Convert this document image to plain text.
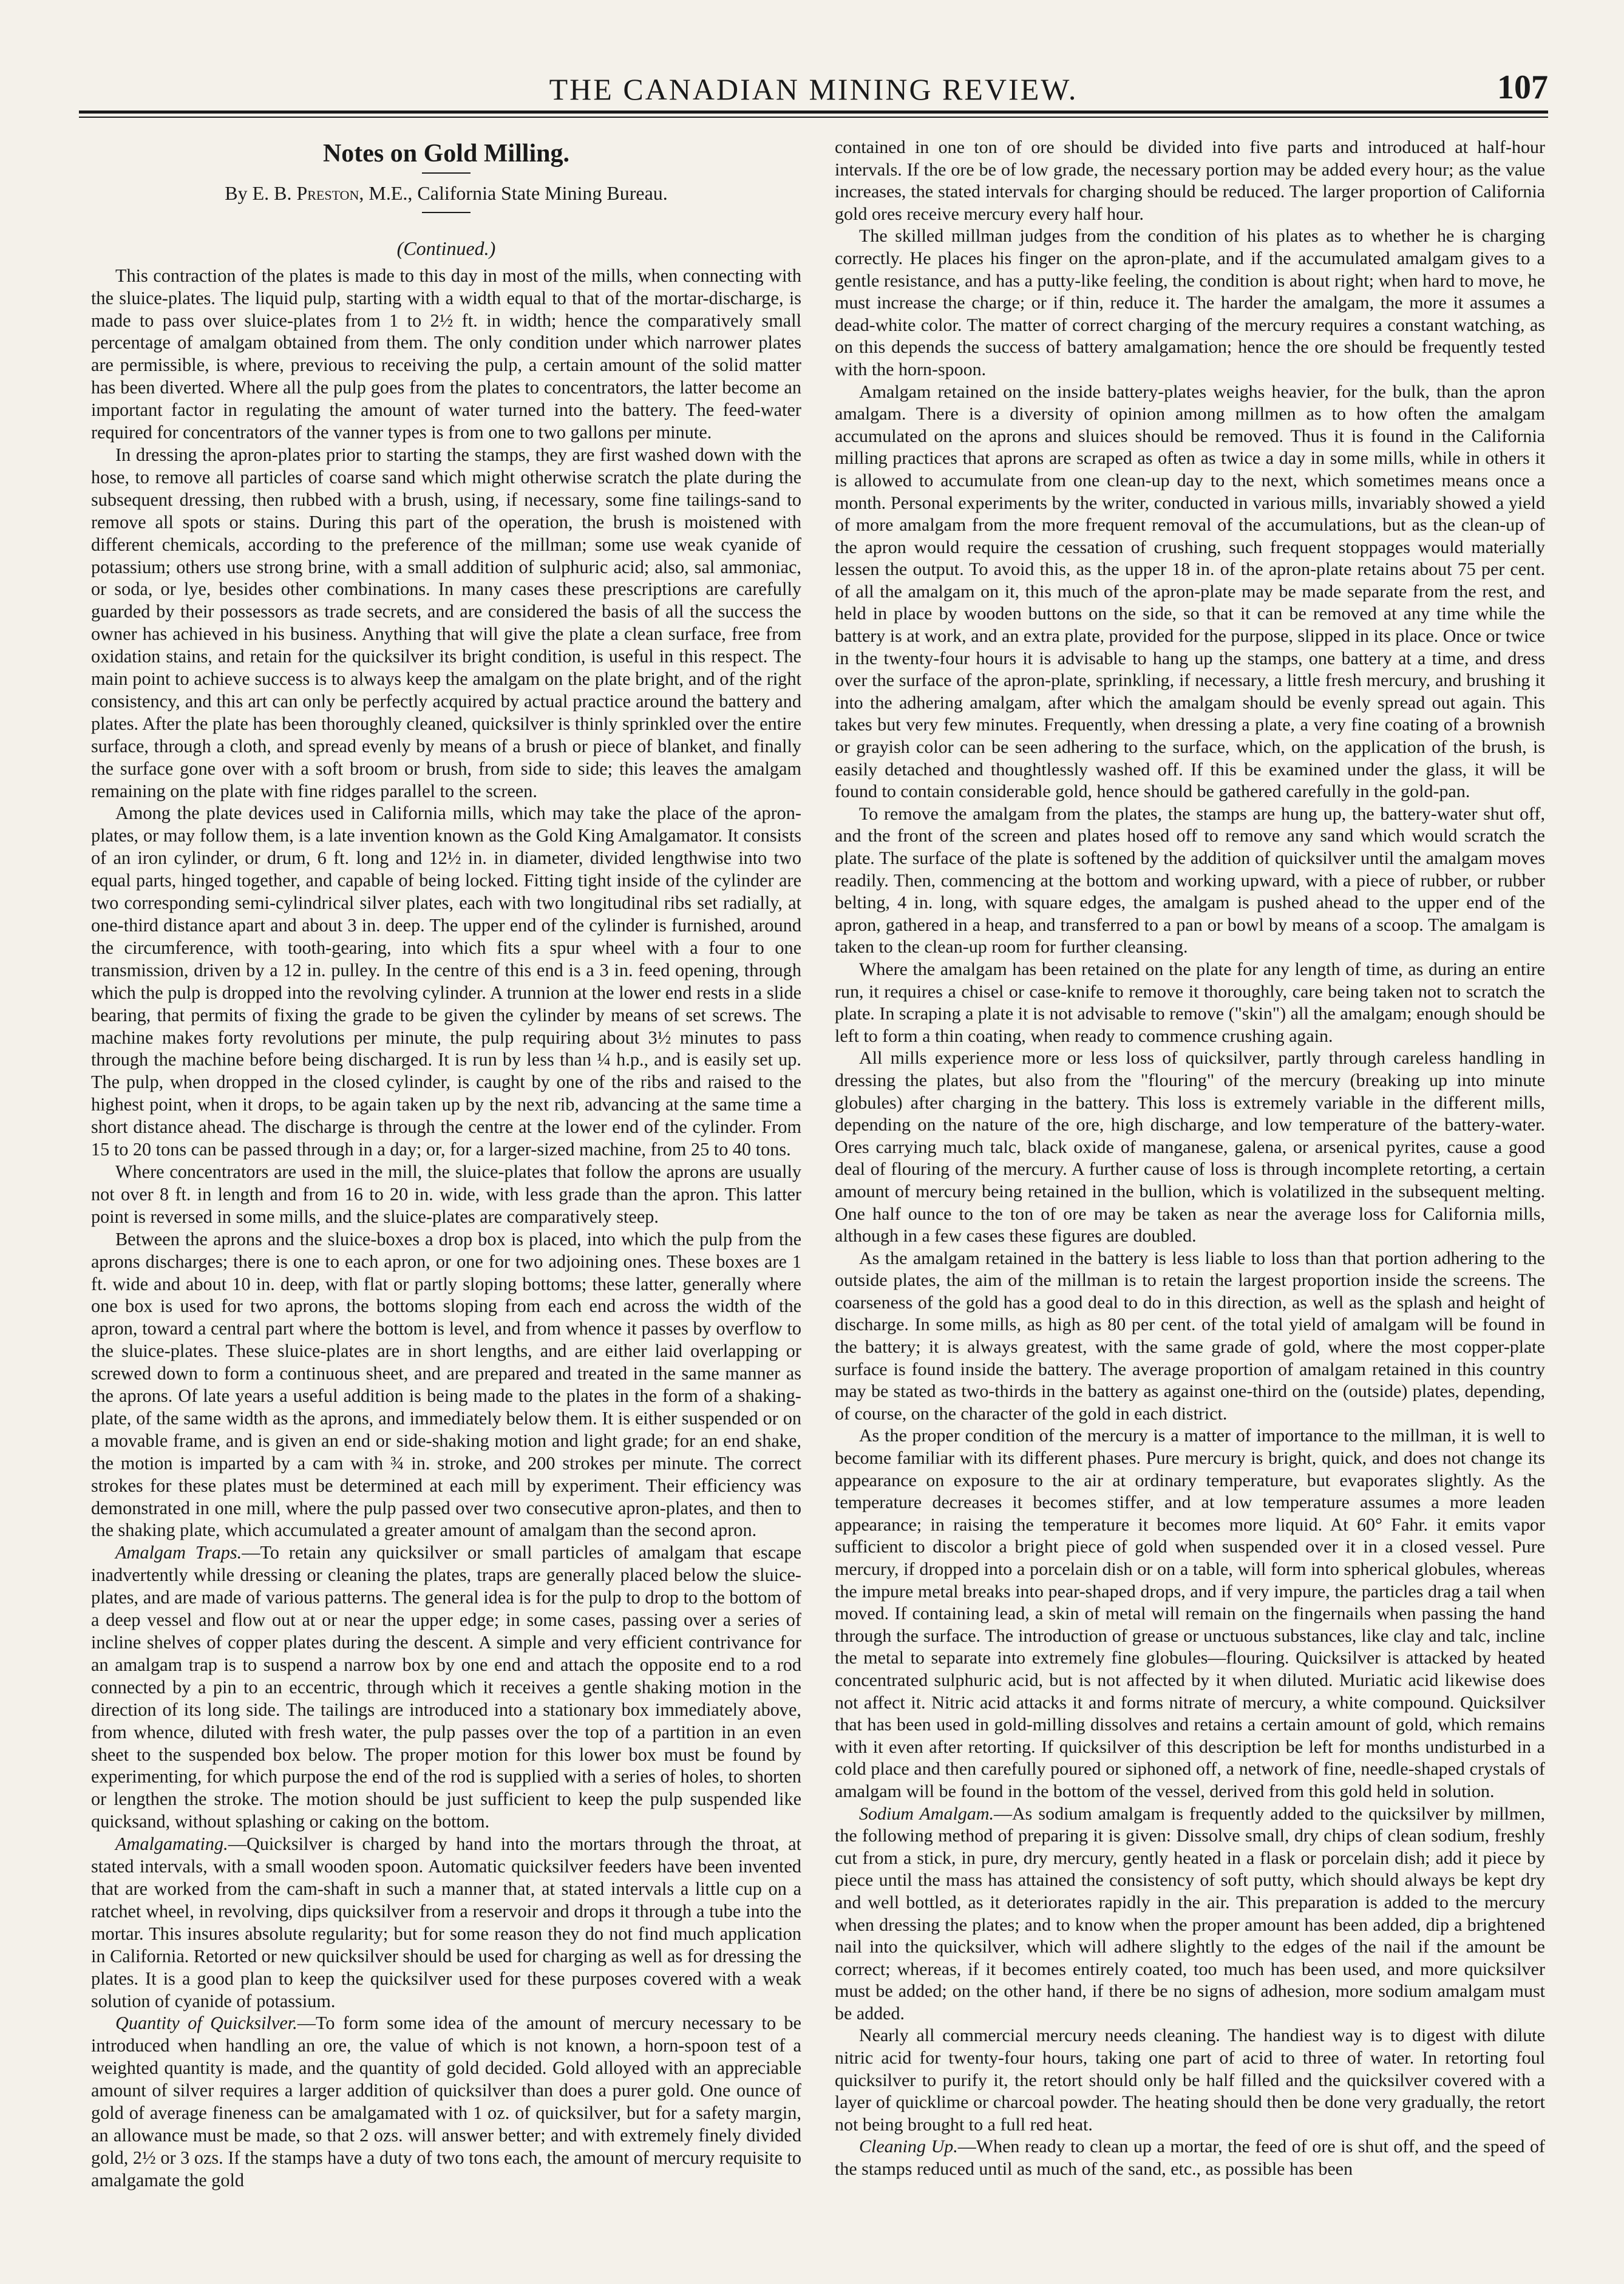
THE CANADIAN MINING REVIEW.	107
Notes on Gold Milling.
By E. B. Preston, M.E., California State Mining Bureau.
(Continued.)

This contraction of the plates is made to this day in most of the mills, when connecting with the sluice-plates. The liquid pulp, starting with a width equal to that of the mortar-discharge, is made to pass over sluice-plates from 1 to 2½ ft. in width; hence the comparatively small percentage of amalgam obtained from them. The only condition under which narrower plates are permissible, is where, previous to receiving the pulp, a certain amount of the solid matter has been diverted. Where all the pulp goes from the plates to concentrators, the latter become an important factor in regulating the amount of water turned into the battery. The feed-water required for concentrators of the vanner types is from one to two gallons per minute.

In dressing the apron-plates prior to starting the stamps, they are first washed down with the hose, to remove all particles of coarse sand which might otherwise scratch the plate during the subsequent dressing, then rubbed with a brush, using, if necessary, some fine tailings-sand to remove all spots or stains. During this part of the operation, the brush is moistened with different chemicals, according to the preference of the millman; some use weak cyanide of potassium; others use strong brine, with a small addition of sulphuric acid; also, sal ammoniac, or soda, or lye, besides other combinations. In many cases these prescriptions are carefully guarded by their possessors as trade secrets, and are considered the basis of all the success the owner has achieved in his business. Anything that will give the plate a clean surface, free from oxidation stains, and retain for the quicksilver its bright condition, is useful in this respect. The main point to achieve success is to always keep the amalgam on the plate bright, and of the right consistency, and this art can only be perfectly acquired by actual practice around the battery and plates. After the plate has been thoroughly cleaned, quicksilver is thinly sprinkled over the entire surface, through a cloth, and spread evenly by means of a brush or piece of blanket, and finally the surface gone over with a soft broom or brush, from side to side; this leaves the amalgam remaining on the plate with fine ridges parallel to the screen.

Among the plate devices used in California mills, which may take the place of the apron-plates, or may follow them, is a late invention known as the Gold King Amalgamator. It consists of an iron cylinder, or drum, 6 ft. long and 12½ in. in diameter, divided lengthwise into two equal parts, hinged together, and capable of being locked. Fitting tight inside of the cylinder are two corresponding semi-cylindrical silver plates, each with two longitudinal ribs set radially, at one-third distance apart and about 3 in. deep. The upper end of the cylinder is furnished, around the circumference, with tooth-gearing, into which fits a spur wheel with a four to one transmission, driven by a 12 in. pulley. In the centre of this end is a 3 in. feed opening, through which the pulp is dropped into the revolving cylinder. A trunnion at the lower end rests in a slide bearing, that permits of fixing the grade to be given the cylinder by means of set screws. The machine makes forty revolutions per minute, the pulp requiring about 3½ minutes to pass through the machine before being discharged. It is run by less than ¼ h.p., and is easily set up. The pulp, when dropped in the closed cylinder, is caught by one of the ribs and raised to the highest point, when it drops, to be again taken up by the next rib, advancing at the same time a short distance ahead. The discharge is through the centre at the lower end of the cylinder. From 15 to 20 tons can be passed through in a day; or, for a larger-sized machine, from 25 to 40 tons.

Where concentrators are used in the mill, the sluice-plates that follow the aprons are usually not over 8 ft. in length and from 16 to 20 in. wide, with less grade than the apron. This latter point is reversed in some mills, and the sluice-plates are comparatively steep.

Between the aprons and the sluice-boxes a drop box is placed, into which the pulp from the aprons discharges; there is one to each apron, or one for two adjoining ones. These boxes are 1 ft. wide and about 10 in. deep, with flat or partly sloping bottoms; these latter, generally where one box is used for two aprons, the bottoms sloping from each end across the width of the apron, toward a central part where the bottom is level, and from whence it passes by overflow to the sluice-plates. These sluice-plates are in short lengths, and are either laid overlapping or screwed down to form a continuous sheet, and are prepared and treated in the same manner as the aprons. Of late years a useful addition is being made to the plates in the form of a shaking-plate, of the same width as the aprons, and immediately below them. It is either suspended or on a movable frame, and is given an end or side-shaking motion and light grade; for an end shake, the motion is imparted by a cam with ¾ in. stroke, and 200 strokes per minute. The correct strokes for these plates must be determined at each mill by experiment. Their efficiency was demonstrated in one mill, where the pulp passed over two consecutive apron-plates, and then to the shaking plate, which accumulated a greater amount of amalgam than the second apron.

Amalgam Traps.—To retain any quicksilver or small particles of amalgam that escape inadvertently while dressing or cleaning the plates, traps are generally placed below the sluice-plates, and are made of various patterns. The general idea is for the pulp to drop to the bottom of a deep vessel and flow out at or near the upper edge; in some cases, passing over a series of incline shelves of copper plates during the descent. A simple and very efficient contrivance for an amalgam trap is to suspend a narrow box by one end and attach the opposite end to a rod connected by a pin to an eccentric, through which it receives a gentle shaking motion in the direction of its long side. The tailings are introduced into a stationary box immediately above, from whence, diluted with fresh water, the pulp passes over the top of a partition in an even sheet to the suspended box below. The proper motion for this lower box must be found by experimenting, for which purpose the end of the rod is supplied with a series of holes, to shorten or lengthen the stroke. The motion should be just sufficient to keep the pulp suspended like quicksand, without splashing or caking on the bottom.

Amalgamating.—Quicksilver is charged by hand into the mortars through the throat, at stated intervals, with a small wooden spoon. Automatic quicksilver feeders have been invented that are worked from the cam-shaft in such a manner that, at stated intervals a little cup on a ratchet wheel, in revolving, dips quicksilver from a reservoir and drops it through a tube into the mortar. This insures absolute regularity; but for some reason they do not find much application in California. Retorted or new quicksilver should be used for charging as well as for dressing the plates. It is a good plan to keep the quicksilver used for these purposes covered with a weak solution of cyanide of potassium.

Quantity of Quicksilver.—To form some idea of the amount of mercury necessary to be introduced when handling an ore, the value of which is not known, a horn-spoon test of a weighted quantity is made, and the quantity of gold decided. Gold alloyed with an appreciable amount of silver requires a larger addition of quicksilver than does a purer gold. One ounce of gold of average fineness can be amalgamated with 1 oz. of quicksilver, but for a safety margin, an allowance must be made, so that 2 ozs. will answer better; and with extremely finely divided gold, 2½ or 3 ozs. If the stamps have a duty of two tons each, the amount of mercury requisite to amalgamate the gold

contained in one ton of ore should be divided into five parts and introduced at half-hour intervals. If the ore be of low grade, the necessary portion may be added every hour; as the value increases, the stated intervals for charging should be reduced. The larger proportion of California gold ores receive mercury every half hour.

The skilled millman judges from the condition of his plates as to whether he is charging correctly. He places his finger on the apron-plate, and if the accumulated amalgam gives to a gentle resistance, and has a putty-like feeling, the condition is about right; when hard to move, he must increase the charge; or if thin, reduce it. The harder the amalgam, the more it assumes a dead-white color. The matter of correct charging of the mercury requires a constant watching, as on this depends the success of battery amalgamation; hence the ore should be frequently tested with the horn-spoon.

Amalgam retained on the inside battery-plates weighs heavier, for the bulk, than the apron amalgam. There is a diversity of opinion among millmen as to how often the amalgam accumulated on the aprons and sluices should be removed. Thus it is found in the California milling practices that aprons are scraped as often as twice a day in some mills, while in others it is allowed to accumulate from one clean-up day to the next, which sometimes means once a month. Personal experiments by the writer, conducted in various mills, invariably showed a yield of more amalgam from the more frequent removal of the accumulations, but as the clean-up of the apron would require the cessation of crushing, such frequent stoppages would materially lessen the output. To avoid this, as the upper 18 in. of the apron-plate retains about 75 per cent. of all the amalgam on it, this much of the apron-plate may be made separate from the rest, and held in place by wooden buttons on the side, so that it can be removed at any time while the battery is at work, and an extra plate, provided for the purpose, slipped in its place. Once or twice in the twenty-four hours it is advisable to hang up the stamps, one battery at a time, and dress over the surface of the apron-plate, sprinkling, if necessary, a little fresh mercury, and brushing it into the adhering amalgam, after which the amalgam should be evenly spread out again. This takes but very few minutes. Frequently, when dressing a plate, a very fine coating of a brownish or grayish color can be seen adhering to the surface, which, on the application of the brush, is easily detached and thoughtlessly washed off. If this be examined under the glass, it will be found to contain considerable gold, hence should be gathered carefully in the gold-pan.

To remove the amalgam from the plates, the stamps are hung up, the battery-water shut off, and the front of the screen and plates hosed off to remove any sand which would scratch the plate. The surface of the plate is softened by the addition of quicksilver until the amalgam moves readily. Then, commencing at the bottom and working upward, with a piece of rubber, or rubber belting, 4 in. long, with square edges, the amalgam is pushed ahead to the upper end of the apron, gathered in a heap, and transferred to a pan or bowl by means of a scoop. The amalgam is taken to the clean-up room for further cleansing.

Where the amalgam has been retained on the plate for any length of time, as during an entire run, it requires a chisel or case-knife to remove it thoroughly, care being taken not to scratch the plate. In scraping a plate it is not advisable to remove ("skin") all the amalgam; enough should be left to form a thin coating, when ready to commence crushing again.

All mills experience more or less loss of quicksilver, partly through careless handling in dressing the plates, but also from the "flouring" of the mercury (breaking up into minute globules) after charging in the battery. This loss is extremely variable in the different mills, depending on the nature of the ore, high discharge, and low temperature of the battery-water. Ores carrying much talc, black oxide of manganese, galena, or arsenical pyrites, cause a good deal of flouring of the mercury. A further cause of loss is through incomplete retorting, a certain amount of mercury being retained in the bullion, which is volatilized in the subsequent melting. One half ounce to the ton of ore may be taken as near the average loss for California mills, although in a few cases these figures are doubled.

As the amalgam retained in the battery is less liable to loss than that portion adhering to the outside plates, the aim of the millman is to retain the largest proportion inside the screens. The coarseness of the gold has a good deal to do in this direction, as well as the splash and height of discharge. In some mills, as high as 80 per cent. of the total yield of amalgam will be found in the battery; it is always greatest, with the same grade of gold, where the most copper-plate surface is found inside the battery. The average proportion of amalgam retained in this country may be stated as two-thirds in the battery as against one-third on the (outside) plates, depending, of course, on the character of the gold in each district.

As the proper condition of the mercury is a matter of importance to the millman, it is well to become familiar with its different phases. Pure mercury is bright, quick, and does not change its appearance on exposure to the air at ordinary temperature, but evaporates slightly. As the temperature decreases it becomes stiffer, and at low temperature assumes a more leaden appearance; in raising the temperature it becomes more liquid. At 60° Fahr. it emits vapor sufficient to discolor a bright piece of gold when suspended over it in a closed vessel. Pure mercury, if dropped into a porcelain dish or on a table, will form into spherical globules, whereas the impure metal breaks into pear-shaped drops, and if very impure, the particles drag a tail when moved. If containing lead, a skin of metal will remain on the fingernails when passing the hand through the surface. The introduction of grease or unctuous substances, like clay and talc, incline the metal to separate into extremely fine globules—flouring. Quicksilver is attacked by heated concentrated sulphuric acid, but is not affected by it when diluted. Muriatic acid likewise does not affect it. Nitric acid attacks it and forms nitrate of mercury, a white compound. Quicksilver that has been used in gold-milling dissolves and retains a certain amount of gold, which remains with it even after retorting. If quicksilver of this description be left for months undisturbed in a cold place and then carefully poured or siphoned off, a network of fine, needle-shaped crystals of amalgam will be found in the bottom of the vessel, derived from this gold held in solution.

Sodium Amalgam.—As sodium amalgam is frequently added to the quicksilver by millmen, the following method of preparing it is given: Dissolve small, dry chips of clean sodium, freshly cut from a stick, in pure, dry mercury, gently heated in a flask or porcelain dish; add it piece by piece until the mass has attained the consistency of soft putty, which should always be kept dry and well bottled, as it deteriorates rapidly in the air. This preparation is added to the mercury when dressing the plates; and to know when the proper amount has been added, dip a brightened nail into the quicksilver, which will adhere slightly to the edges of the nail if the amount be correct; whereas, if it becomes entirely coated, too much has been used, and more quicksilver must be added; on the other hand, if there be no signs of adhesion, more sodium amalgam must be added.

Nearly all commercial mercury needs cleaning. The handiest way is to digest with dilute nitric acid for twenty-four hours, taking one part of acid to three of water. In retorting foul quicksilver to purify it, the retort should only be half filled and the quicksilver covered with a layer of quicklime or charcoal powder. The heating should then be done very gradually, the retort not being brought to a full red heat.

Cleaning Up.—When ready to clean up a mortar, the feed of ore is shut off, and the speed of the stamps reduced until as much of the sand, etc., as possible has been
